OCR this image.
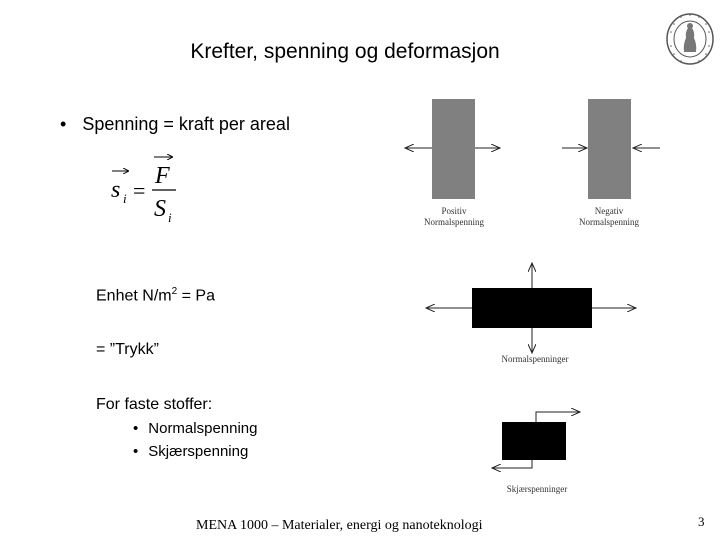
Krefter, spenning og deformasjon
• Spenning = kraft per areal
s i =
F
S i
Enhet $N/m^2 = Pa$
= ”Trykk”
For faste stoffer:
• Normalspenning
• Skjærspenning
Positiv
Normalspenning
Negativ
Normalspenning
Normalspenninger
Skjærspenninger
MENA 1000 – Materialer, energi og nanoteknologi	3
